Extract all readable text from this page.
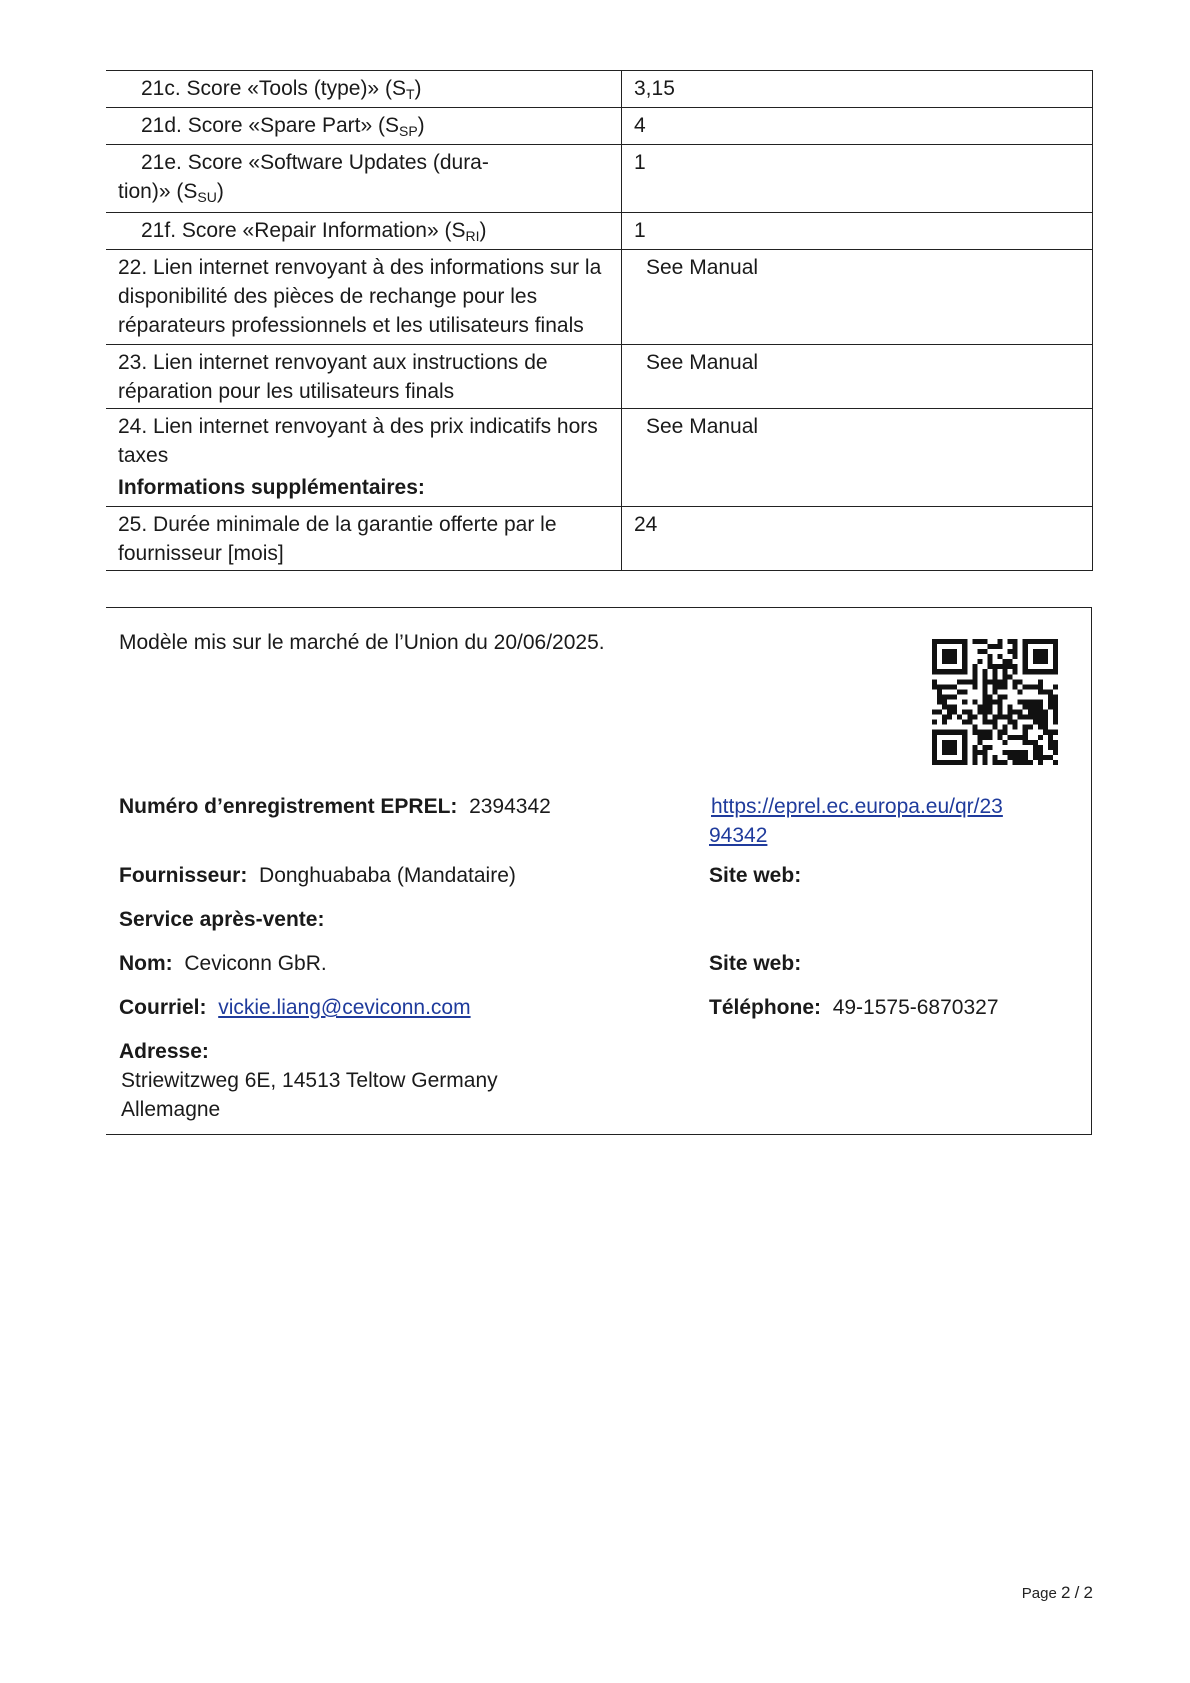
21c. Score «Tools (type)» $(S_T)$	3,15
21d. Score «Spare Part» $(S_{SP})$	4

21e. Score «Software Updates (dura-
tion)» $(S_{SU})$	1
21f. Score «Repair Information» $(S_{RI})$	1
22. Lien internet renvoyant à des informations sur la disponibilité des pièces de rechange pour les réparateurs professionnels et les utilisateurs finals	See Manual
23. Lien internet renvoyant aux instructions de réparation pour les utilisateurs finals	See Manual
24. Lien internet renvoyant à des prix indicatifs hors taxes	See Manual
Informations supplémentaires:	
25. Durée minimale de la garantie offerte par le fournisseur [mois]	24
Modèle mis sur le marché de l’Union du 20/06/2025.
Numéro d’enregistrement EPREL: 2394342	https://eprel.ec.europa.eu/qr/23
94342
Fournisseur: Donghuababa (Mandataire)	Site web:
Service après-vente:
Nom: Ceviconn GbR.	Site web:
Courriel: vickie.liang@ceviconn.com	Téléphone: 49-1575-6870327
Adresse:
Striewitzweg 6E, 14513 Teltow Germany
Allemagne
Page 2 / 2
